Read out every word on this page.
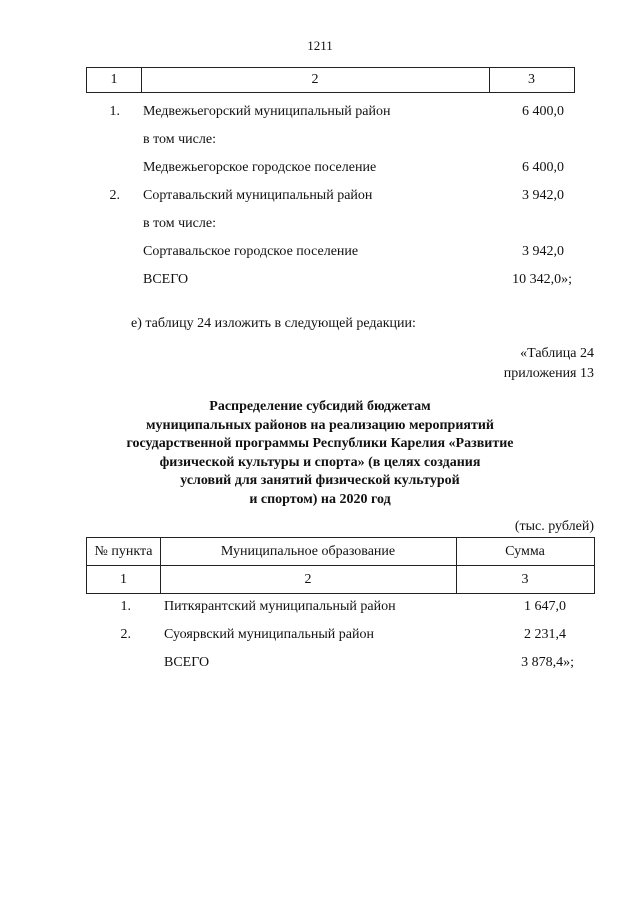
1211
1	2	3
1. Медвежьегорский муниципальный район	6 400,0
в том числе:
Медвежьегорское городское поселение	6 400,0
2. Сортавальский муниципальный район	3 942,0
в том числе:
Сортавальское городское поселение	3 942,0
ВСЕГО	10 342,0»;
е) таблицу 24 изложить в следующей редакции:
«Таблица 24
приложения 13
Распределение субсидий бюджетам
муниципальных районов на реализацию мероприятий
государственной программы Республики Карелия «Развитие
физической культуры и спорта» (в целях создания
условий для занятий физической культурой
и спортом) на 2020 год
(тыс. рублей)
№ пункта	Муниципальное образование	Сумма
1	2	3
1. Питкярантский муниципальный район	1 647,0
2. Суоярвский муниципальный район	2 231,4
ВСЕГО	3 878,4»;
